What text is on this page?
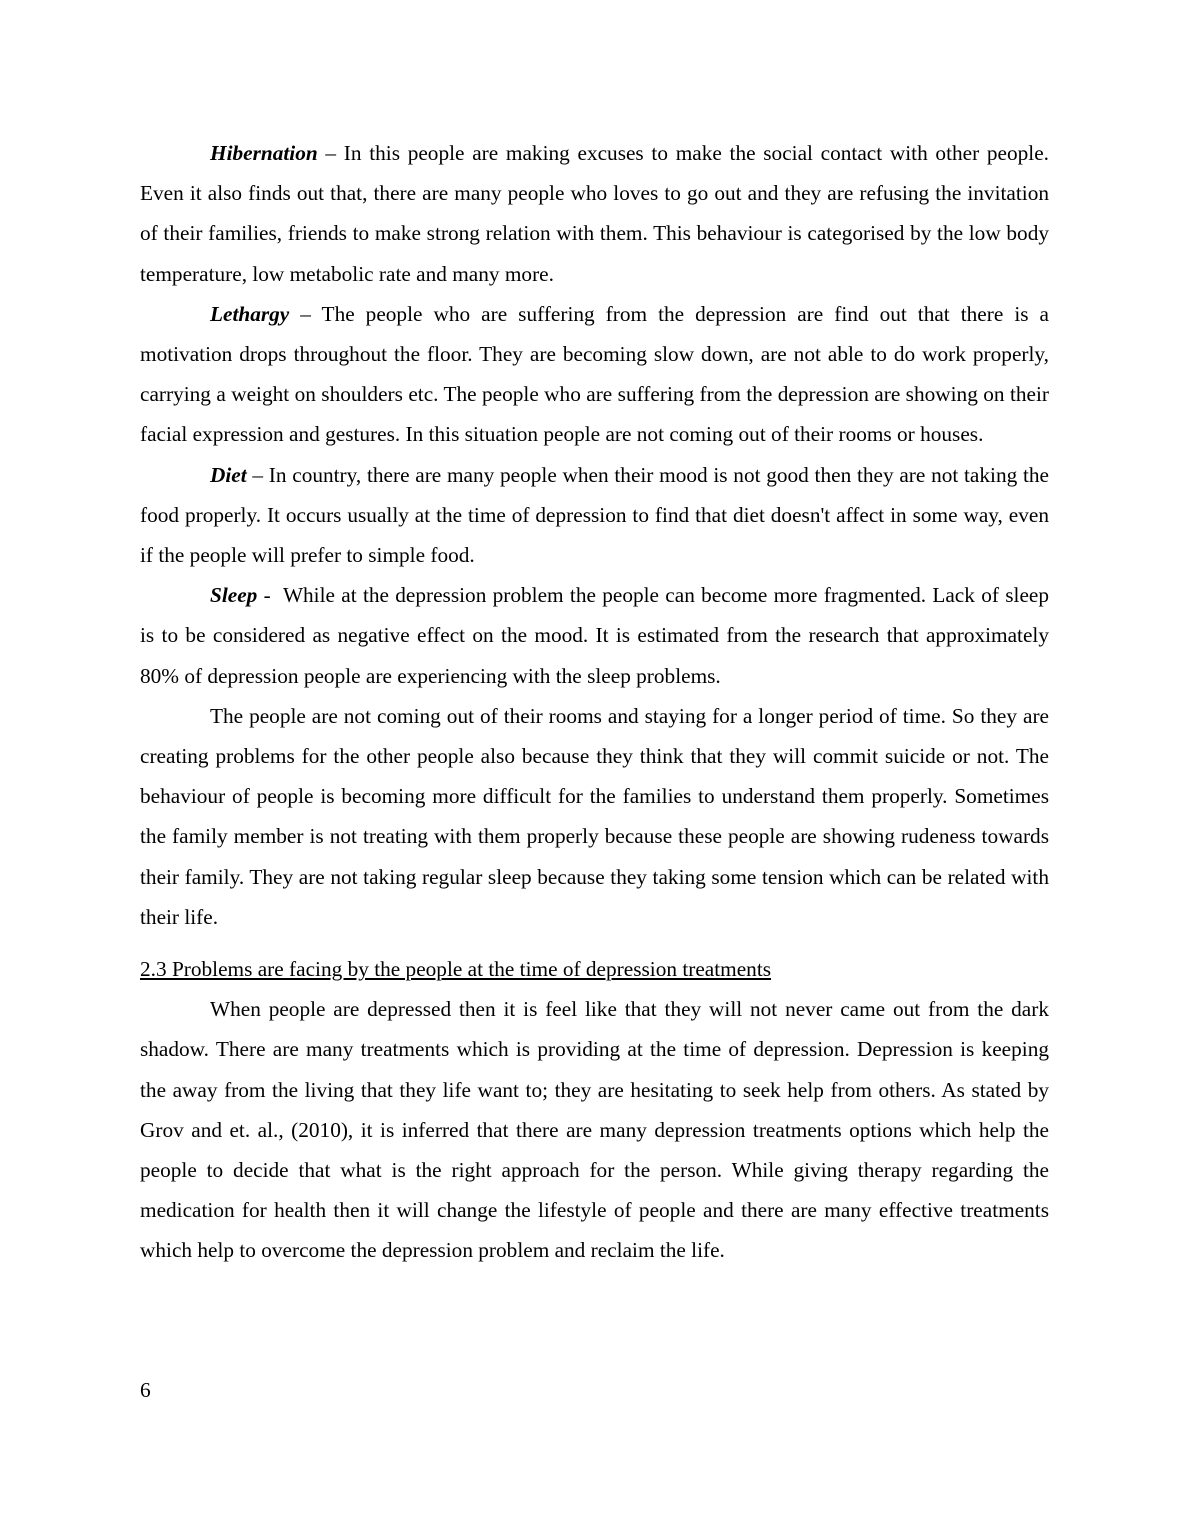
Hibernation – In this people are making excuses to make the social contact with other people. Even it also finds out that, there are many people who loves to go out and they are refusing the invitation of their families, friends to make strong relation with them. This behaviour is categorised by the low body temperature, low metabolic rate and many more.

Lethargy – The people who are suffering from the depression are find out that there is a motivation drops throughout the floor. They are becoming slow down, are not able to do work properly, carrying a weight on shoulders etc. The people who are suffering from the depression are showing on their facial expression and gestures. In this situation people are not coming out of their rooms or houses.

Diet – In country, there are many people when their mood is not good then they are not taking the food properly. It occurs usually at the time of depression to find that diet doesn't affect in some way, even if the people will prefer to simple food.

Sleep -  While at the depression problem the people can become more fragmented. Lack of sleep is to be considered as negative effect on the mood. It is estimated from the research that approximately 80% of depression people are experiencing with the sleep problems.

The people are not coming out of their rooms and staying for a longer period of time. So they are creating problems for the other people also because they think that they will commit suicide or not. The behaviour of people is becoming more difficult for the families to understand them properly. Sometimes the family member is not treating with them properly because these people are showing rudeness towards their family. They are not taking regular sleep because they taking some tension which can be related with their life.

2.3 Problems are facing by the people at the time of depression treatments

When people are depressed then it is feel like that they will not never came out from the dark shadow. There are many treatments which is providing at the time of depression. Depression is keeping the away from the living that they life want to; they are hesitating to seek help from others. As stated by Grov and et. al., (2010), it is inferred that there are many depression treatments options which help the people to decide that what is the right approach for the person. While giving therapy regarding the medication for health then it will change the lifestyle of people and there are many effective treatments which help to overcome the depression problem and reclaim the life.

6
